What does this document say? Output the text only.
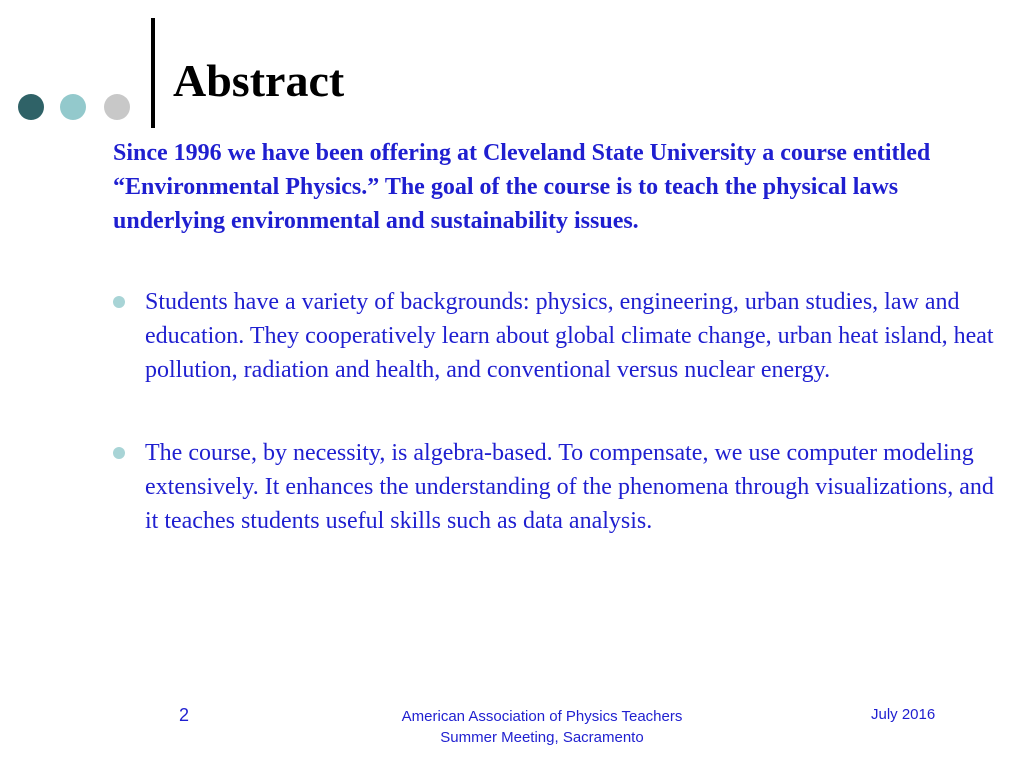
Abstract

Since 1996 we have been offering at Cleveland State University a course entitled “Environmental Physics.” The goal of the course is to teach the physical laws underlying environmental and sustainability issues.

Students have a variety of backgrounds: physics, engineering, urban studies, law and education. They cooperatively learn about global climate change, urban heat island, heat pollution, radiation and health, and conventional versus nuclear energy.
The course, by necessity, is algebra-based. To compensate, we use computer modeling extensively. It enhances the understanding of the phenomena through visualizations, and it teaches students useful skills such as data analysis.
2	American Association of Physics Teachers
Summer Meeting, Sacramento
July 2016
